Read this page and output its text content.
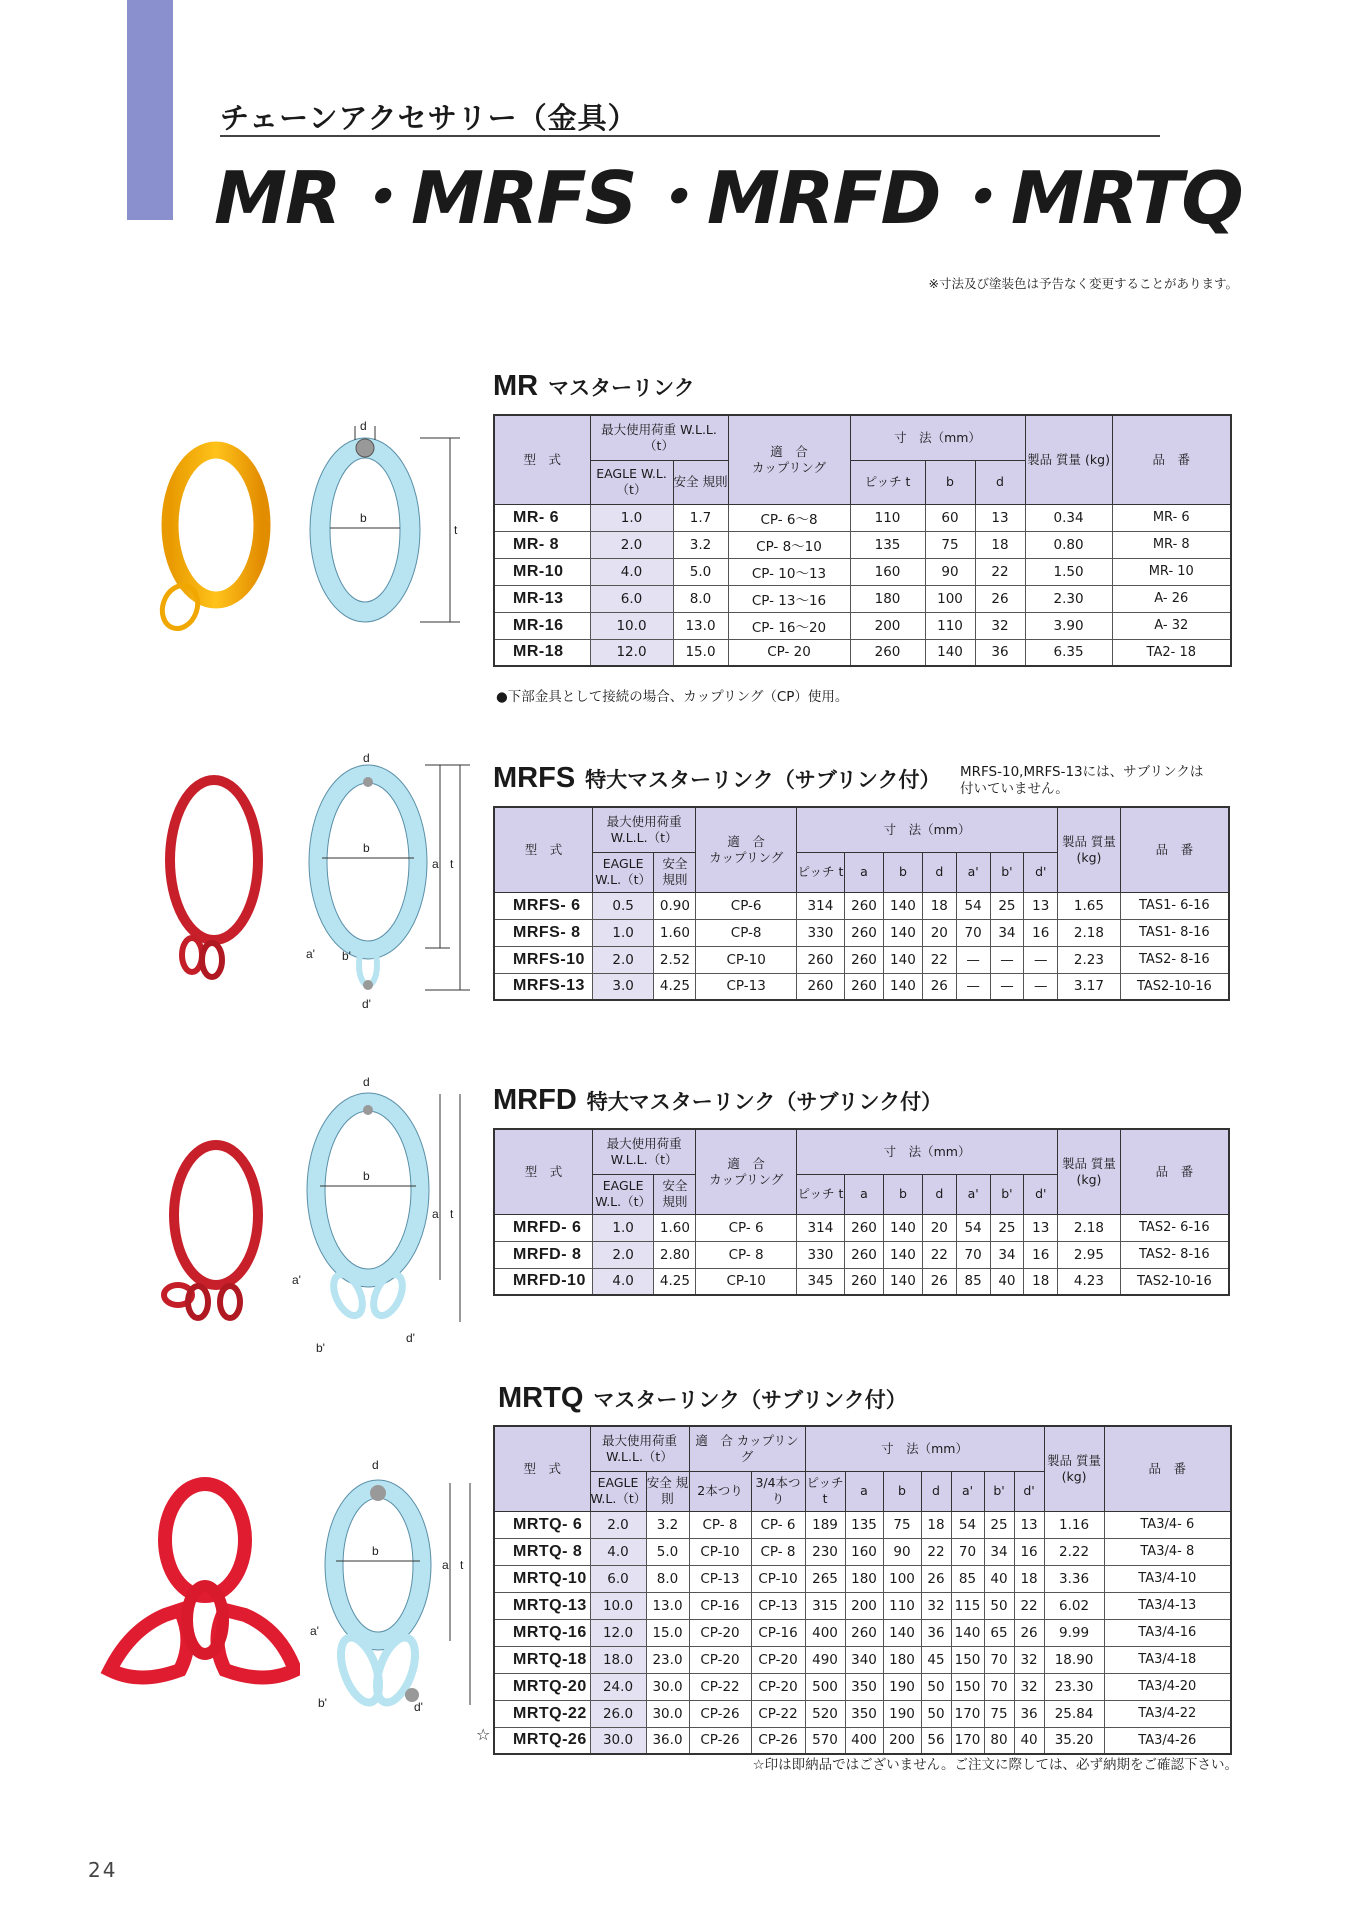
チェーンアクセサリー（金具）
MR・MRFS・MRFD・MRTQ
※寸法及び塗装色は予告なく変更することがあります。
MR マスターリンク
d
b
t
型　式	最大使用荷重 W.L.L.（t）		適　合
カップリング	寸　法（mm）			製品 質量 (kg)	品　番
	EAGLE W.L.（t）	安全 規則		ピッチ t	b	d		
MR- 6	1.0	1.7	CP- 6～8	110	60	13	0.34	MR- 6
MR- 8	2.0	3.2	CP- 8～10	135	75	18	0.80	MR- 8
MR-10	4.0	5.0	CP- 10～13	160	90	22	1.50	MR- 10
MR-13	6.0	8.0	CP- 13～16	180	100	26	2.30	A- 26
MR-16	10.0	13.0	CP- 16～20	200	110	32	3.90	A- 32
MR-18	12.0	15.0	CP- 20	260	140	36	6.35	TA2- 18
●下部金具として接続の場合、カップリング（CP）使用。
MRFS 特大マスターリンク（サブリンク付） MRFS-10,MRFS-13には、サブリンクは
付いていません。
d
b
a t
a' b'
d'
型　式	最大使用荷重 W.L.L.（t）		適　合
カップリング	寸　法（mm）							製品 質量 (kg)	品　番
	EAGLE W.L.（t）	安全 規則		ピッチ t	a	b	d	a'	b'	d'		
MRFS- 6	0.5	0.90	CP-6	314	260	140	18	54	25	13	1.65	TAS1- 6-16
MRFS- 8	1.0	1.60	CP-8	330	260	140	20	70	34	16	2.18	TAS1- 8-16
MRFS-10	2.0	2.52	CP-10	260	260	140	22	—	—	—	2.23	TAS2- 8-16
MRFS-13	3.0	4.25	CP-13	260	260	140	26	—	—	—	3.17	TAS2-10-16
MRFD 特大マスターリンク（サブリンク付）
d
b
a t
a'
b'
d'
型　式	最大使用荷重 W.L.L.（t）		適　合
カップリング	寸　法（mm）							製品 質量 (kg)	品　番
	EAGLE W.L.（t）	安全 規則		ピッチ t	a	b	d	a'	b'	d'		
MRFD- 6	1.0	1.60	CP- 6	314	260	140	20	54	25	13	2.18	TAS2- 6-16
MRFD- 8	2.0	2.80	CP- 8	330	260	140	22	70	34	16	2.95	TAS2- 8-16
MRFD-10	4.0	4.25	CP-10	345	260	140	26	85	40	18	4.23	TAS2-10-16
MRTQ マスターリンク（サブリンク付）
d
b
a t
a'
b'	d'
型　式	最大使用荷重 W.L.L.（t）		適　合 カップリング		寸　法（mm）							製品 質量 (kg)	品　番
	EAGLE W.L.（t）	安全 規則	2本つり	3/4本つり	ピッチ t	a	b	d	a'	b'	d'		
MRTQ- 6	2.0	3.2	CP- 8	CP- 6	189	135	75	18	54	25	13	1.16	TA3/4- 6
MRTQ- 8	4.0	5.0	CP-10	CP- 8	230	160	90	22	70	34	16	2.22	TA3/4- 8
MRTQ-10	6.0	8.0	CP-13	CP-10	265	180	100	26	85	40	18	3.36	TA3/4-10
MRTQ-13	10.0	13.0	CP-16	CP-13	315	200	110	32	115	50	22	6.02	TA3/4-13
MRTQ-16	12.0	15.0	CP-20	CP-16	400	260	140	36	140	65	26	9.99	TA3/4-16
MRTQ-18	18.0	23.0	CP-20	CP-20	490	340	180	45	150	70	32	18.90	TA3/4-18
MRTQ-20	24.0	30.0	CP-22	CP-20	500	350	190	50	150	70	32	23.30	TA3/4-20
MRTQ-22	26.0	30.0	CP-26	CP-22	520	350	190	50	170	75	36	25.84	TA3/4-22
MRTQ-26	30.0	36.0	CP-26	CP-26	570	400	200	56	170	80	40	35.20	TA3/4-26
☆
☆印は即納品ではございません。ご注文に際しては、必ず納期をご確認下さい。
24
